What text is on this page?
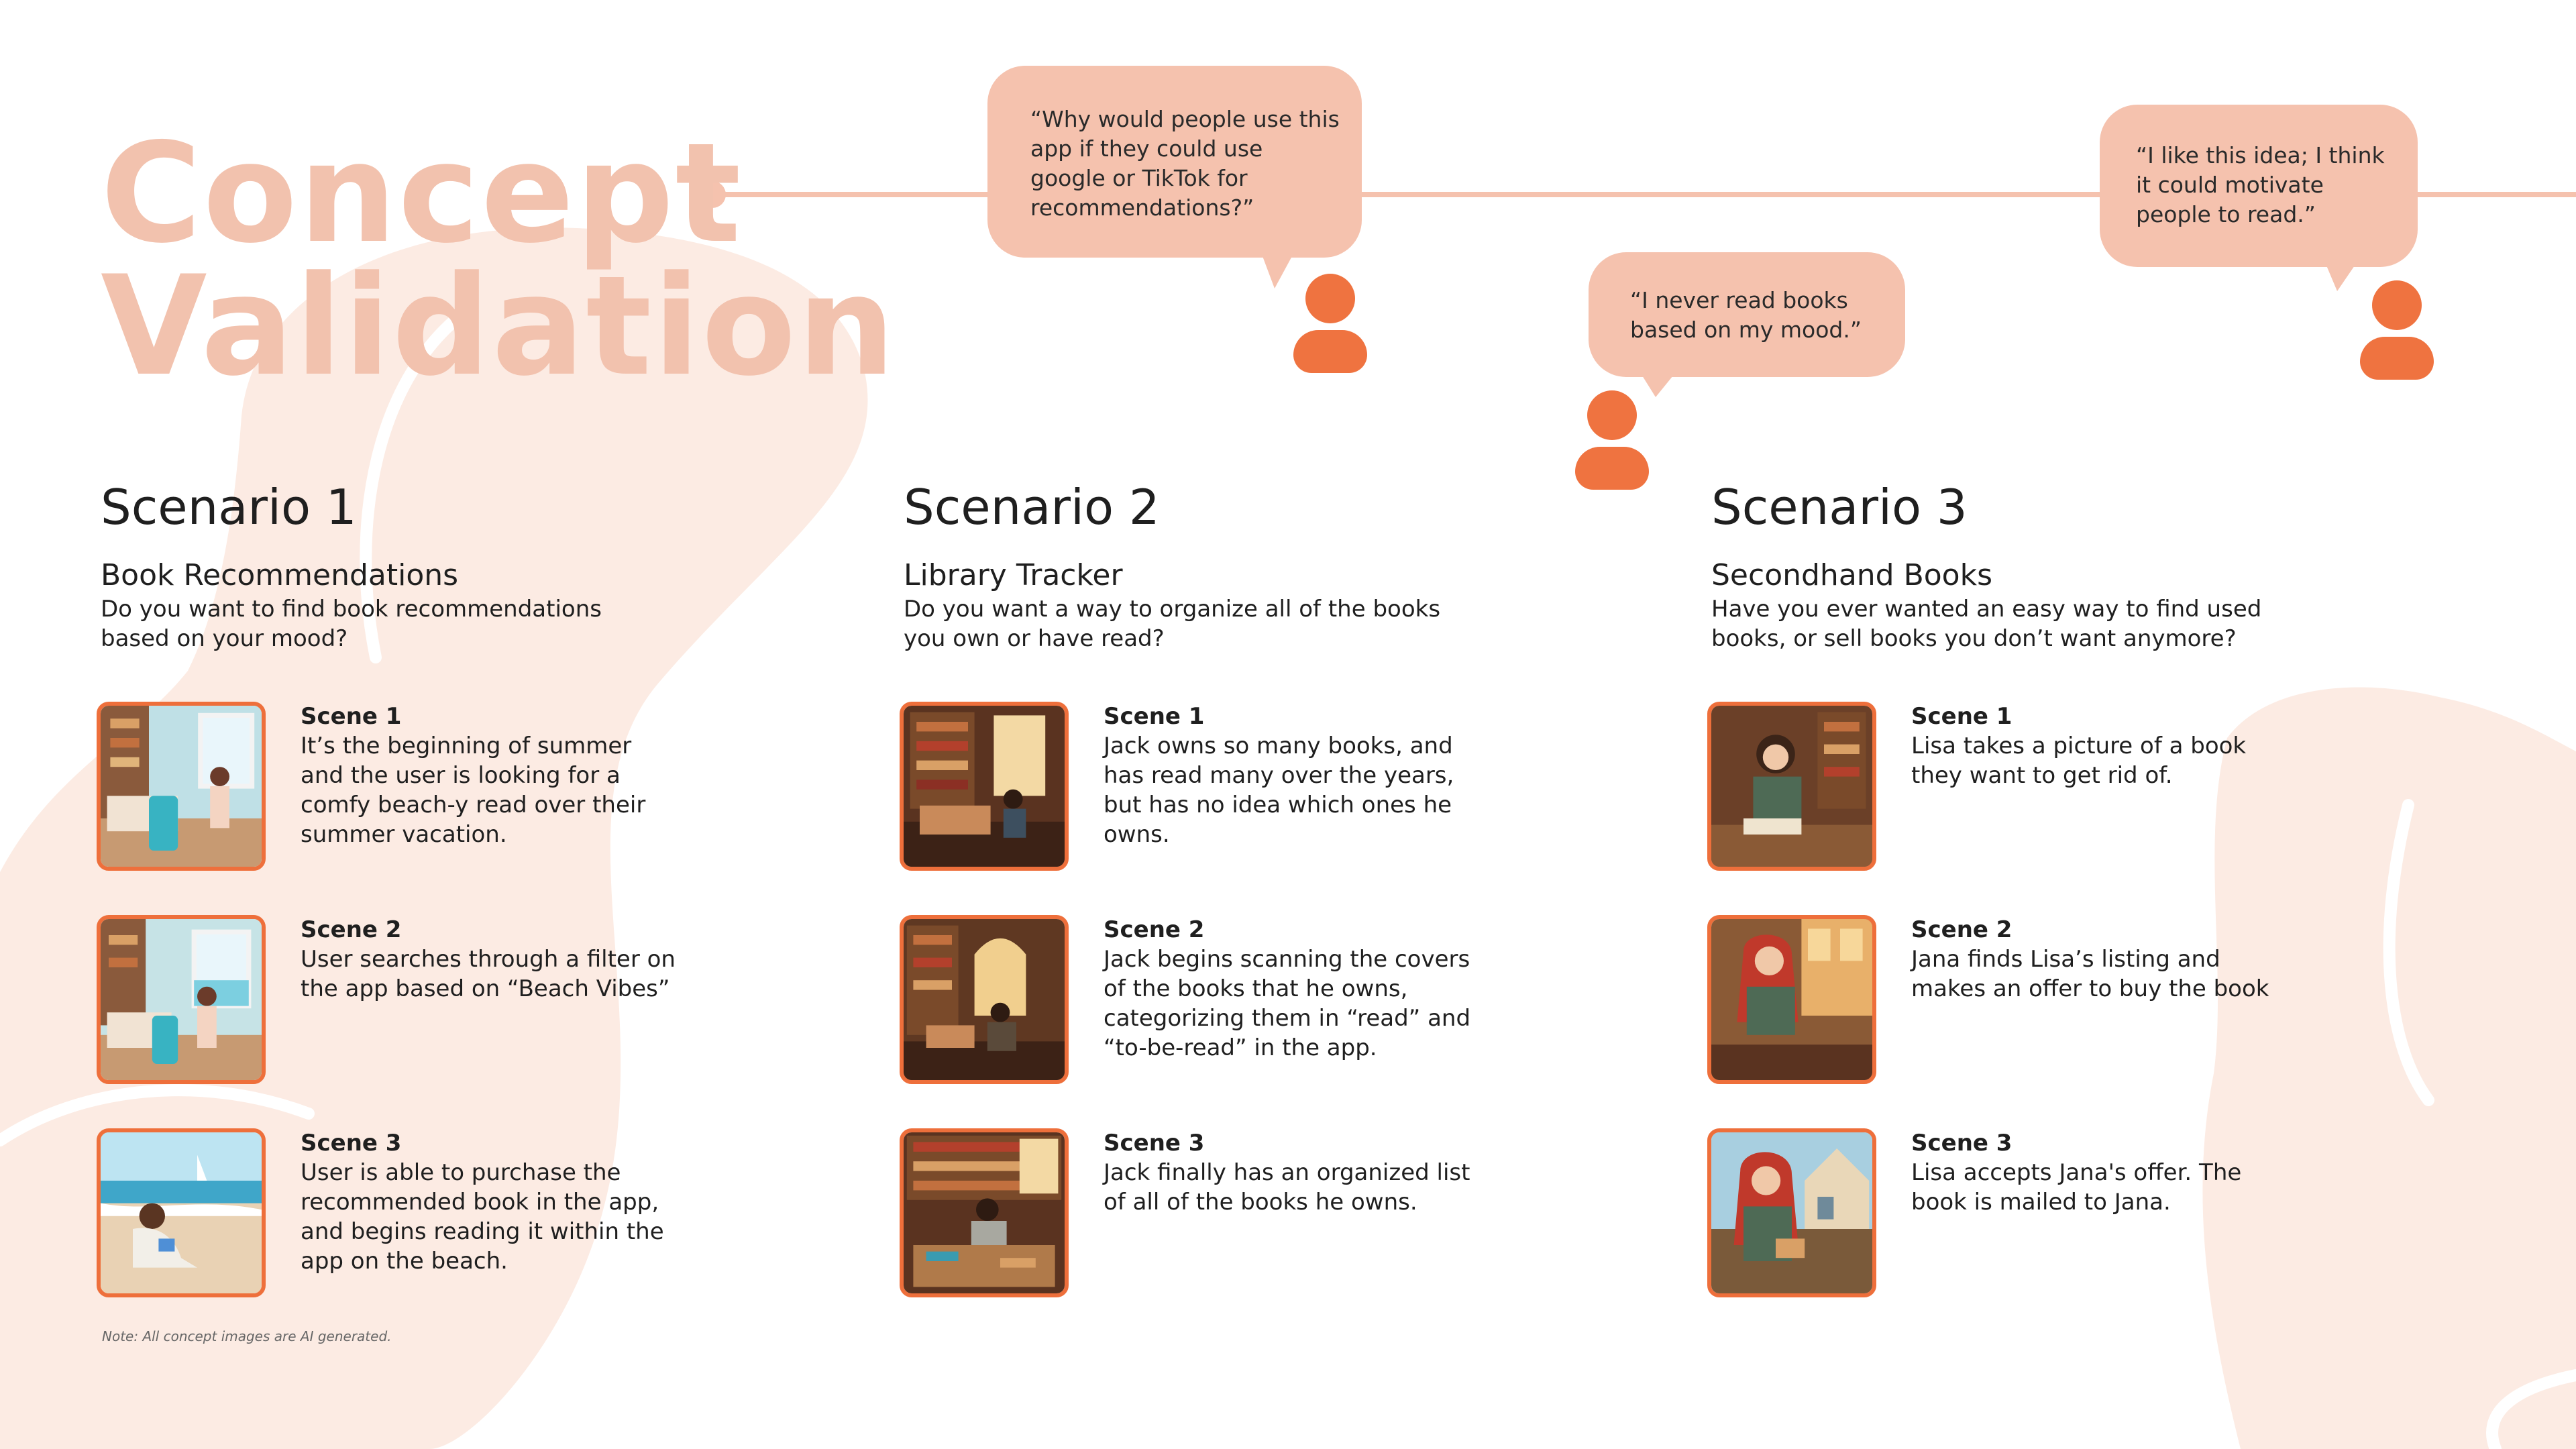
Concept
Validation
“Why would people use this app if they could use google or TikTok for recommendations?”
“I never read books based on my mood.”
“I like this idea; I think it could motivate people to read.”
Scenario 1
Book Recommendations
Do you want to find book recommendations based on your mood?
Scene 1
It’s the beginning of summer and the user is looking for a comfy beach-y read over their summer vacation.
Scene 2
User searches through a filter on the app based on “Beach Vibes”
Scene 3
User is able to purchase the recommended book in the app, and begins reading it within the app on the beach.
Scenario 2
Library Tracker
Do you want a way to organize all of the books you own or have read?
Scene 1
Jack owns so many books, and has read many over the years, but has no idea which ones he owns.
Scene 2
Jack begins scanning the covers of the books that he owns, categorizing them in “read” and “to-be-read” in the app.
Scene 3
Jack finally has an organized list of all of the books he owns.
Scenario 3
Secondhand Books
Have you ever wanted an easy way to find used books, or sell books you don’t want anymore?
Scene 1
Lisa takes a picture of a book they want to get rid of.
Scene 2
Jana finds Lisa’s listing and makes an offer to buy the book
Scene 3
Lisa accepts Jana's offer. The book is mailed to Jana.
Note: All concept images are AI generated.
